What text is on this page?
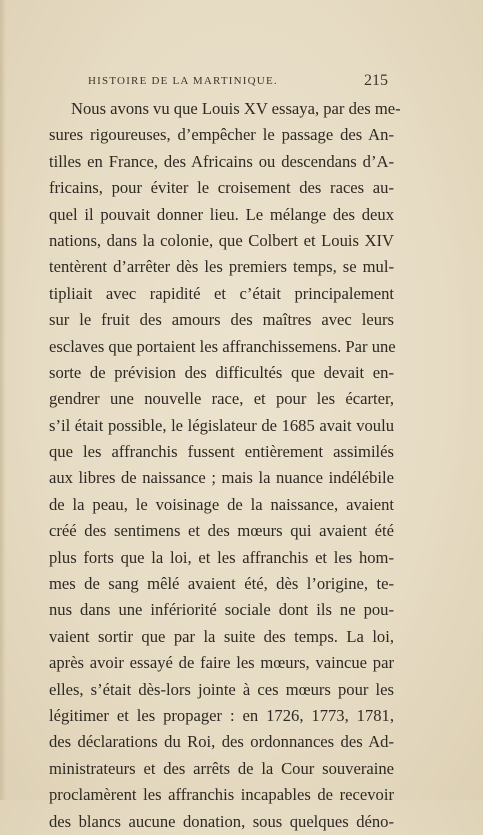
HISTOIRE DE LA MARTINIQUE.	215
Nous avons vu que Louis XV essaya, par des me-
sures rigoureuses, d’empêcher le passage des An-
tilles en France, des Africains ou descendans d’A-
fricains, pour éviter le croisement des races au-
quel il pouvait donner lieu. Le mélange des deux
nations, dans la colonie, que Colbert et Louis XIV
tentèrent d’arrêter dès les premiers temps, se mul-
tipliait avec rapidité et c’était principalement
sur le fruit des amours des maîtres avec leurs
esclaves que portaient les affranchissemens. Par une
sorte de prévision des difficultés que devait en-
gendrer une nouvelle race, et pour les écarter,
s’il était possible, le législateur de 1685 avait voulu
que les affranchis fussent entièrement assimilés
aux libres de naissance ; mais la nuance indélébile
de la peau, le voisinage de la naissance, avaient
créé des sentimens et des mœurs qui avaient été
plus forts que la loi, et les affranchis et les hom-
mes de sang mêlé avaient été, dès l’origine, te-
nus dans une infériorité sociale dont ils ne pou-
vaient sortir que par la suite des temps. La loi,
après avoir essayé de faire les mœurs, vaincue par
elles, s’était dès-lors jointe à ces mœurs pour les
légitimer et les propager : en 1726, 1773, 1781,
des déclarations du Roi, des ordonnances des Ad-
ministrateurs et des arrêts de la Cour souveraine
proclamèrent les affranchis incapables de recevoir
des blancs aucune donation, sous quelques déno-
